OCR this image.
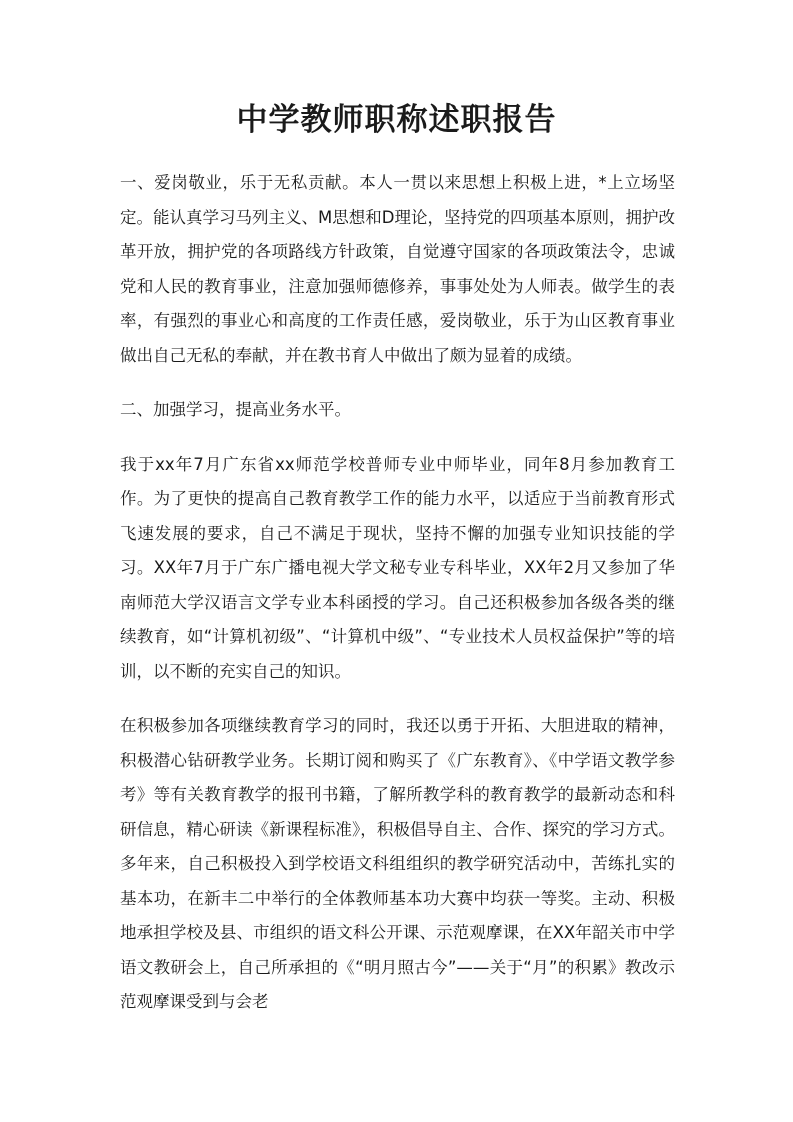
中学教师职称述职报告

一、爱岗敬业，乐于无私贡献。本人一贯以来思想上积极上进，*上立场坚定。能认真学习马列主义、M思想和D理论，坚持党的四项基本原则，拥护改革开放，拥护党的各项路线方针政策，自觉遵守国家的各项政策法令，忠诚党和人民的教育事业，注意加强师德修养，事事处处为人师表。做学生的表率，有强烈的事业心和高度的工作责任感，爱岗敬业，乐于为山区教育事业做出自己无私的奉献，并在教书育人中做出了颇为显着的成绩。

二、加强学习，提高业务水平。

我于xx年7月广东省xx师范学校普师专业中师毕业，同年8月参加教育工作。为了更快的提高自己教育教学工作的能力水平，以适应于当前教育形式飞速发展的要求，自己不满足于现状，坚持不懈的加强专业知识技能的学习。XX年7月于广东广播电视大学文秘专业专科毕业，XX年2月又参加了华南师范大学汉语言文学专业本科函授的学习。自己还积极参加各级各类的继续教育，如“计算机初级”、“计算机中级”、“专业技术人员权益保护”等的培训，以不断的充实自己的知识。

在积极参加各项继续教育学习的同时，我还以勇于开拓、大胆进取的精神，积极潜心钻研教学业务。长期订阅和购买了《广东教育》、《中学语文教学参考》等有关教育教学的报刊书籍，了解所教学科的教育教学的最新动态和科研信息，精心研读《新课程标准》，积极倡导自主、合作、探究的学习方式。多年来，自己积极投入到学校语文科组组织的教学研究活动中，苦练扎实的基本功，在新丰二中举行的全体教师基本功大赛中均获一等奖。主动、积极地承担学校及县、市组织的语文科公开课、示范观摩课，在XX年韶关市中学语文教研会上，自己所承担的《“明月照古今”——关于“月”的积累》教改示范观摩课受到与会老
